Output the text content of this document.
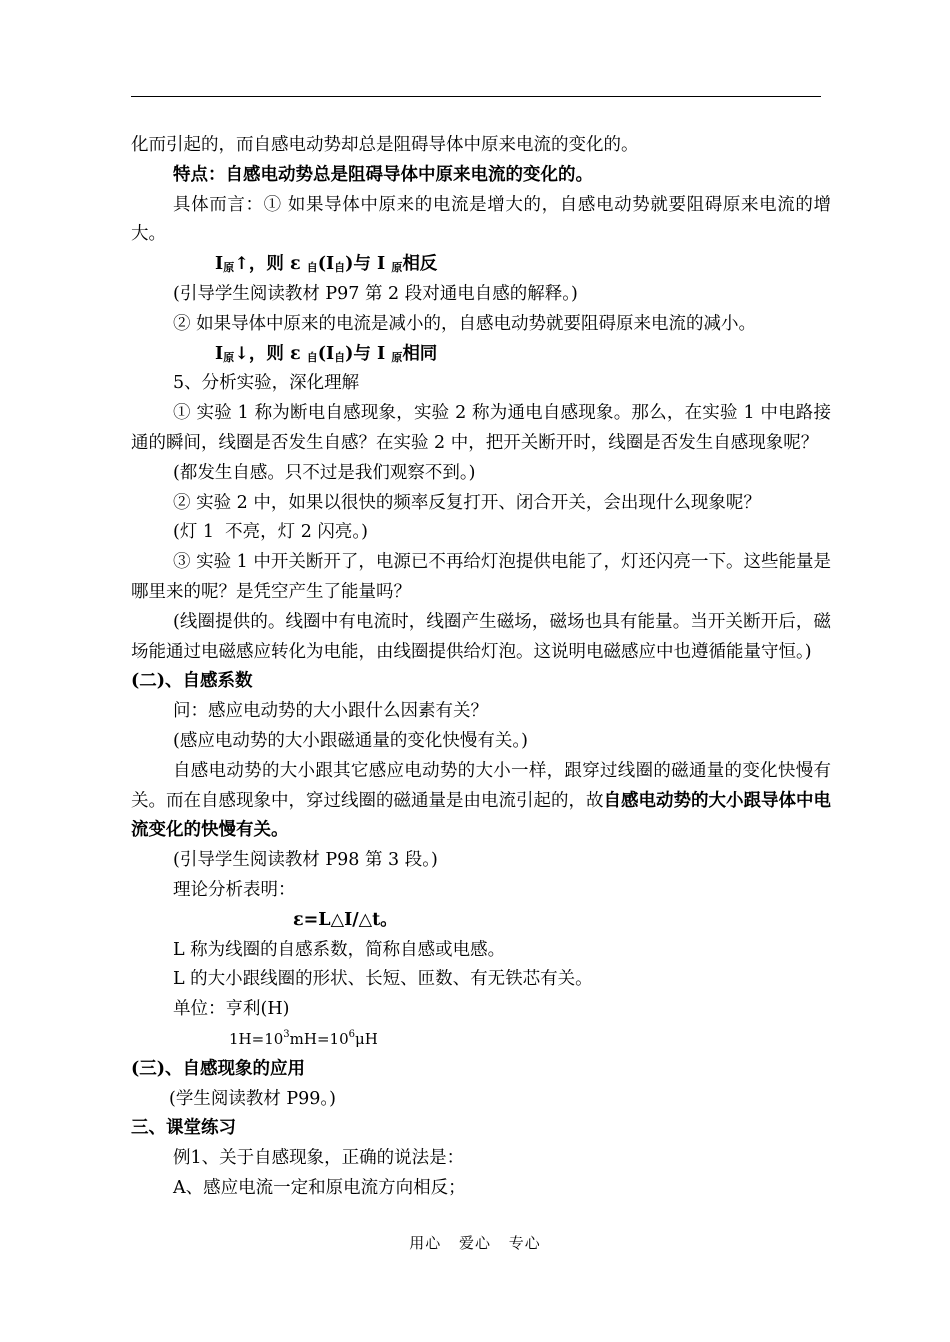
化而引起的，而自感电动势却总是阻碍导体中原来电流的变化的。

特点：自感电动势总是阻碍导体中原来电流的变化的。

具体而言：① 如果导体中原来的电流是增大的，自感电动势就要阻碍原来电流的增大。

$I_原↑$，则 ε $_自(I_自)$与 I $_原$相反

(引导学生阅读教材 P97 第 2 段对通电自感的解释。)

② 如果导体中原来的电流是减小的，自感电动势就要阻碍原来电流的减小。

$I_原↓$，则 ε $_自(I_自)$与 I $_原$相同

5、分析实验，深化理解

① 实验 1 称为断电自感现象，实验 2 称为通电自感现象。那么，在实验 1 中电路接通的瞬间，线圈是否发生自感？在实验 2 中，把开关断开时，线圈是否发生自感现象呢？

(都发生自感。只不过是我们观察不到。)

② 实验 2 中，如果以很快的频率反复打开、闭合开关，会出现什么现象呢？

(灯 1  不亮，灯 2 闪亮。)

③ 实验 1 中开关断开了，电源已不再给灯泡提供电能了，灯还闪亮一下。这些能量是哪里来的呢？是凭空产生了能量吗？

(线圈提供的。线圈中有电流时，线圈产生磁场，磁场也具有能量。当开关断开后，磁场能通过电磁感应转化为电能，由线圈提供给灯泡。这说明电磁感应中也遵循能量守恒。)

(二)、自感系数

问：感应电动势的大小跟什么因素有关？

(感应电动势的大小跟磁通量的变化快慢有关。)

自感电动势的大小跟其它感应电动势的大小一样，跟穿过线圈的磁通量的变化快慢有关。而在自感现象中，穿过线圈的磁通量是由电流引起的，故自感电动势的大小跟导体中电流变化的快慢有关。

(引导学生阅读教材 P98 第 3 段。)

理论分析表明：

ε=L△I/△t。

L 称为线圈的自感系数，简称自感或电感。

L 的大小跟线圈的形状、长短、匝数、有无铁芯有关。

单位：亨利(H)

$1H=10^3mH=10^6\mu H$

(三)、自感现象的应用

(学生阅读教材 P99。)

三、课堂练习

例1、关于自感现象，正确的说法是：

A、感应电流一定和原电流方向相反；

用心 爱心 专心
